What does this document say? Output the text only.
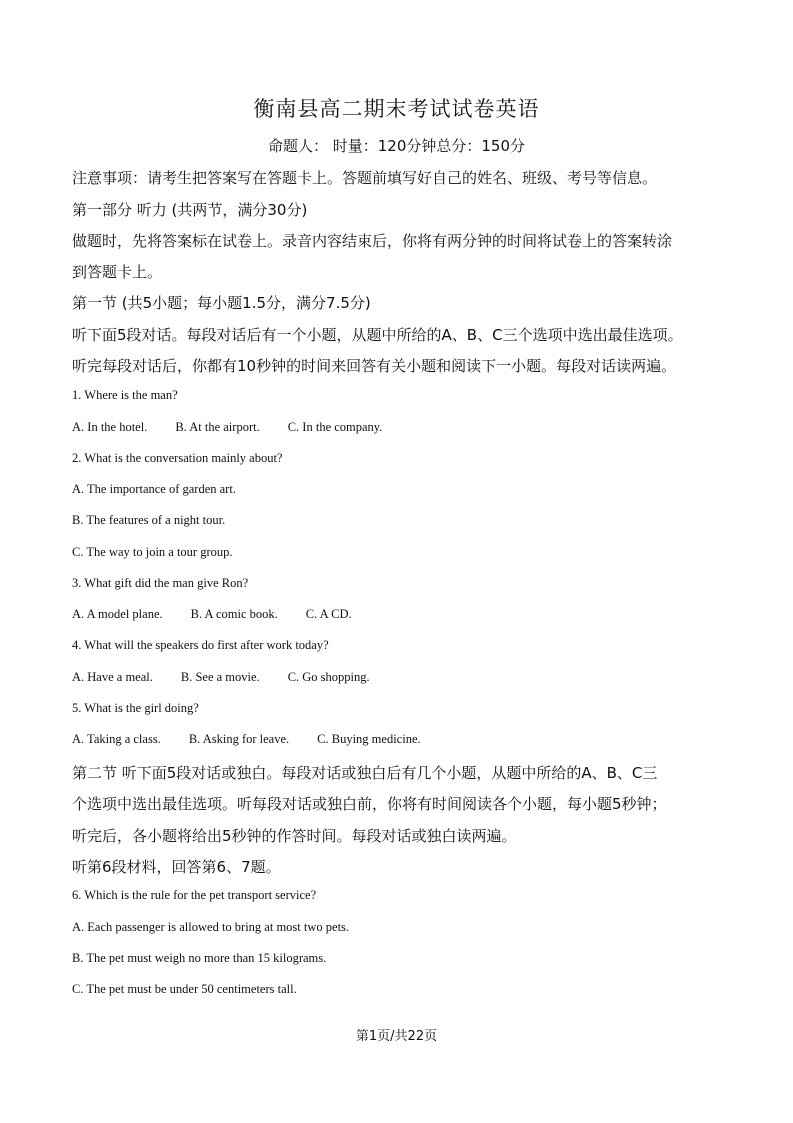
衡南县高二期末考试试卷英语
命题人： 时量：120分钟总分：150分
注意事项：请考生把答案写在答题卡上。答题前填写好自己的姓名、班级、考号等信息。
第一部分 听力 (共两节，满分30分)
做题时，先将答案标在试卷上。录音内容结束后，你将有两分钟的时间将试卷上的答案转涂
到答题卡上。
第一节 (共5小题；每小题1.5分，满分7.5分)
听下面5段对话。每段对话后有一个小题，从题中所给的A、B、C三个选项中选出最佳选项。
听完每段对话后，你都有10秒钟的时间来回答有关小题和阅读下一小题。每段对话读两遍。
1. Where is the man?
A. In the hotel. B. At the airport. C. In the company.
2. What is the conversation mainly about?
A. The importance of garden art.
B. The features of a night tour.
C. The way to join a tour group.
3. What gift did the man give Ron?
A. A model plane. B. A comic book. C. A CD.
4. What will the speakers do first after work today?
A. Have a meal. B. See a movie. C. Go shopping.
5. What is the girl doing?
A. Taking a class. B. Asking for leave. C. Buying medicine.
第二节 听下面5段对话或独白。每段对话或独白后有几个小题，从题中所给的A、B、C三
个选项中选出最佳选项。听每段对话或独白前，你将有时间阅读各个小题，每小题5秒钟；
听完后，各小题将给出5秒钟的作答时间。每段对话或独白读两遍。
听第6段材料，回答第6、7题。
6. Which is the rule for the pet transport service?
A. Each passenger is allowed to bring at most two pets.
B. The pet must weigh no more than 15 kilograms.
C. The pet must be under 50 centimeters tall.
第1页/共22页
